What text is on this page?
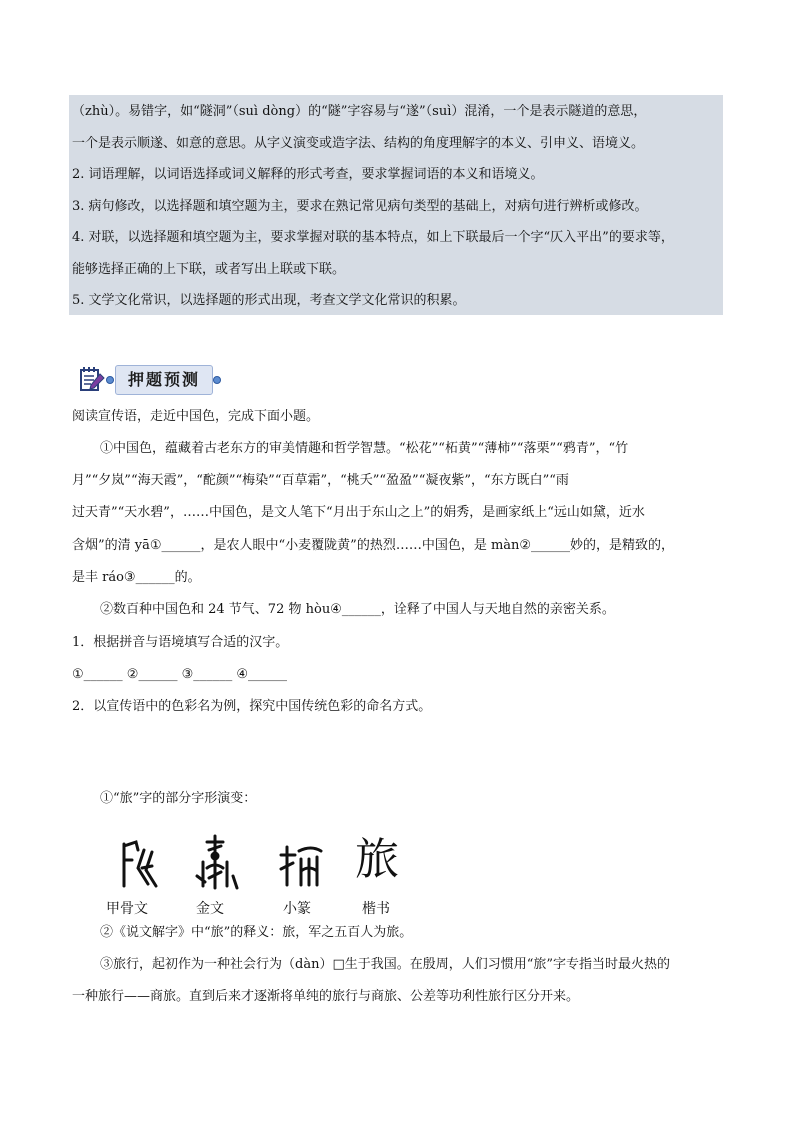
（zhù）。易错字，如“隧洞”（suì dòng）的“隧”字容易与“遂”（suì）混淆，一个是表示隧道的意思，
一个是表示顺遂、如意的意思。从字义演变或造字法、结构的角度理解字的本义、引申义、语境义。
2. 词语理解，以词语选择或词义解释的形式考查，要求掌握词语的本义和语境义。
3. 病句修改，以选择题和填空题为主，要求在熟记常见病句类型的基础上，对病句进行辨析或修改。
4. 对联，以选择题和填空题为主，要求掌握对联的基本特点，如上下联最后一个字“仄入平出”的要求等，
能够选择正确的上下联，或者写出上联或下联。
5. 文学文化常识，以选择题的形式出现，考查文学文化常识的积累。
押题预测
阅读宣传语，走近中国色，完成下面小题。
①中国色，蕴藏着古老东方的审美情趣和哲学智慧。“松花”“柘黄”“薄柿”“落栗”“鸦青”，“竹
月”“夕岚”“海天霞”，“酡颜”“梅染”“百草霜”，“桃夭”“盈盈”“凝夜紫”，“东方既白”“雨
过天青”“天水碧”，……中国色，是文人笔下“月出于东山之上”的娟秀，是画家纸上“远山如黛，近水
含烟”的清 yā①______，是农人眼中“小麦覆陇黄”的热烈……中国色，是 màn②______妙的，是精致的，
是丰 ráo③______的。
②数百种中国色和 24 节气、72 物 hòu④______，诠释了中国人与天地自然的亲密关系。
1．根据拼音与语境填写合适的汉字。
①______ ②______ ③______ ④______
2．以宣传语中的色彩名为例，探究中国传统色彩的命名方式。
①“旅”字的部分字形演变：
旅
甲骨文	金文	小篆	楷书
②《说文解字》中“旅”的释义：旅，军之五百人为旅。
③旅行，起初作为一种社会行为（dàn）□生于我国。在殷周，人们习惯用“旅”字专指当时最火热的
一种旅行——商旅。直到后来才逐渐将单纯的旅行与商旅、公差等功利性旅行区分开来。
